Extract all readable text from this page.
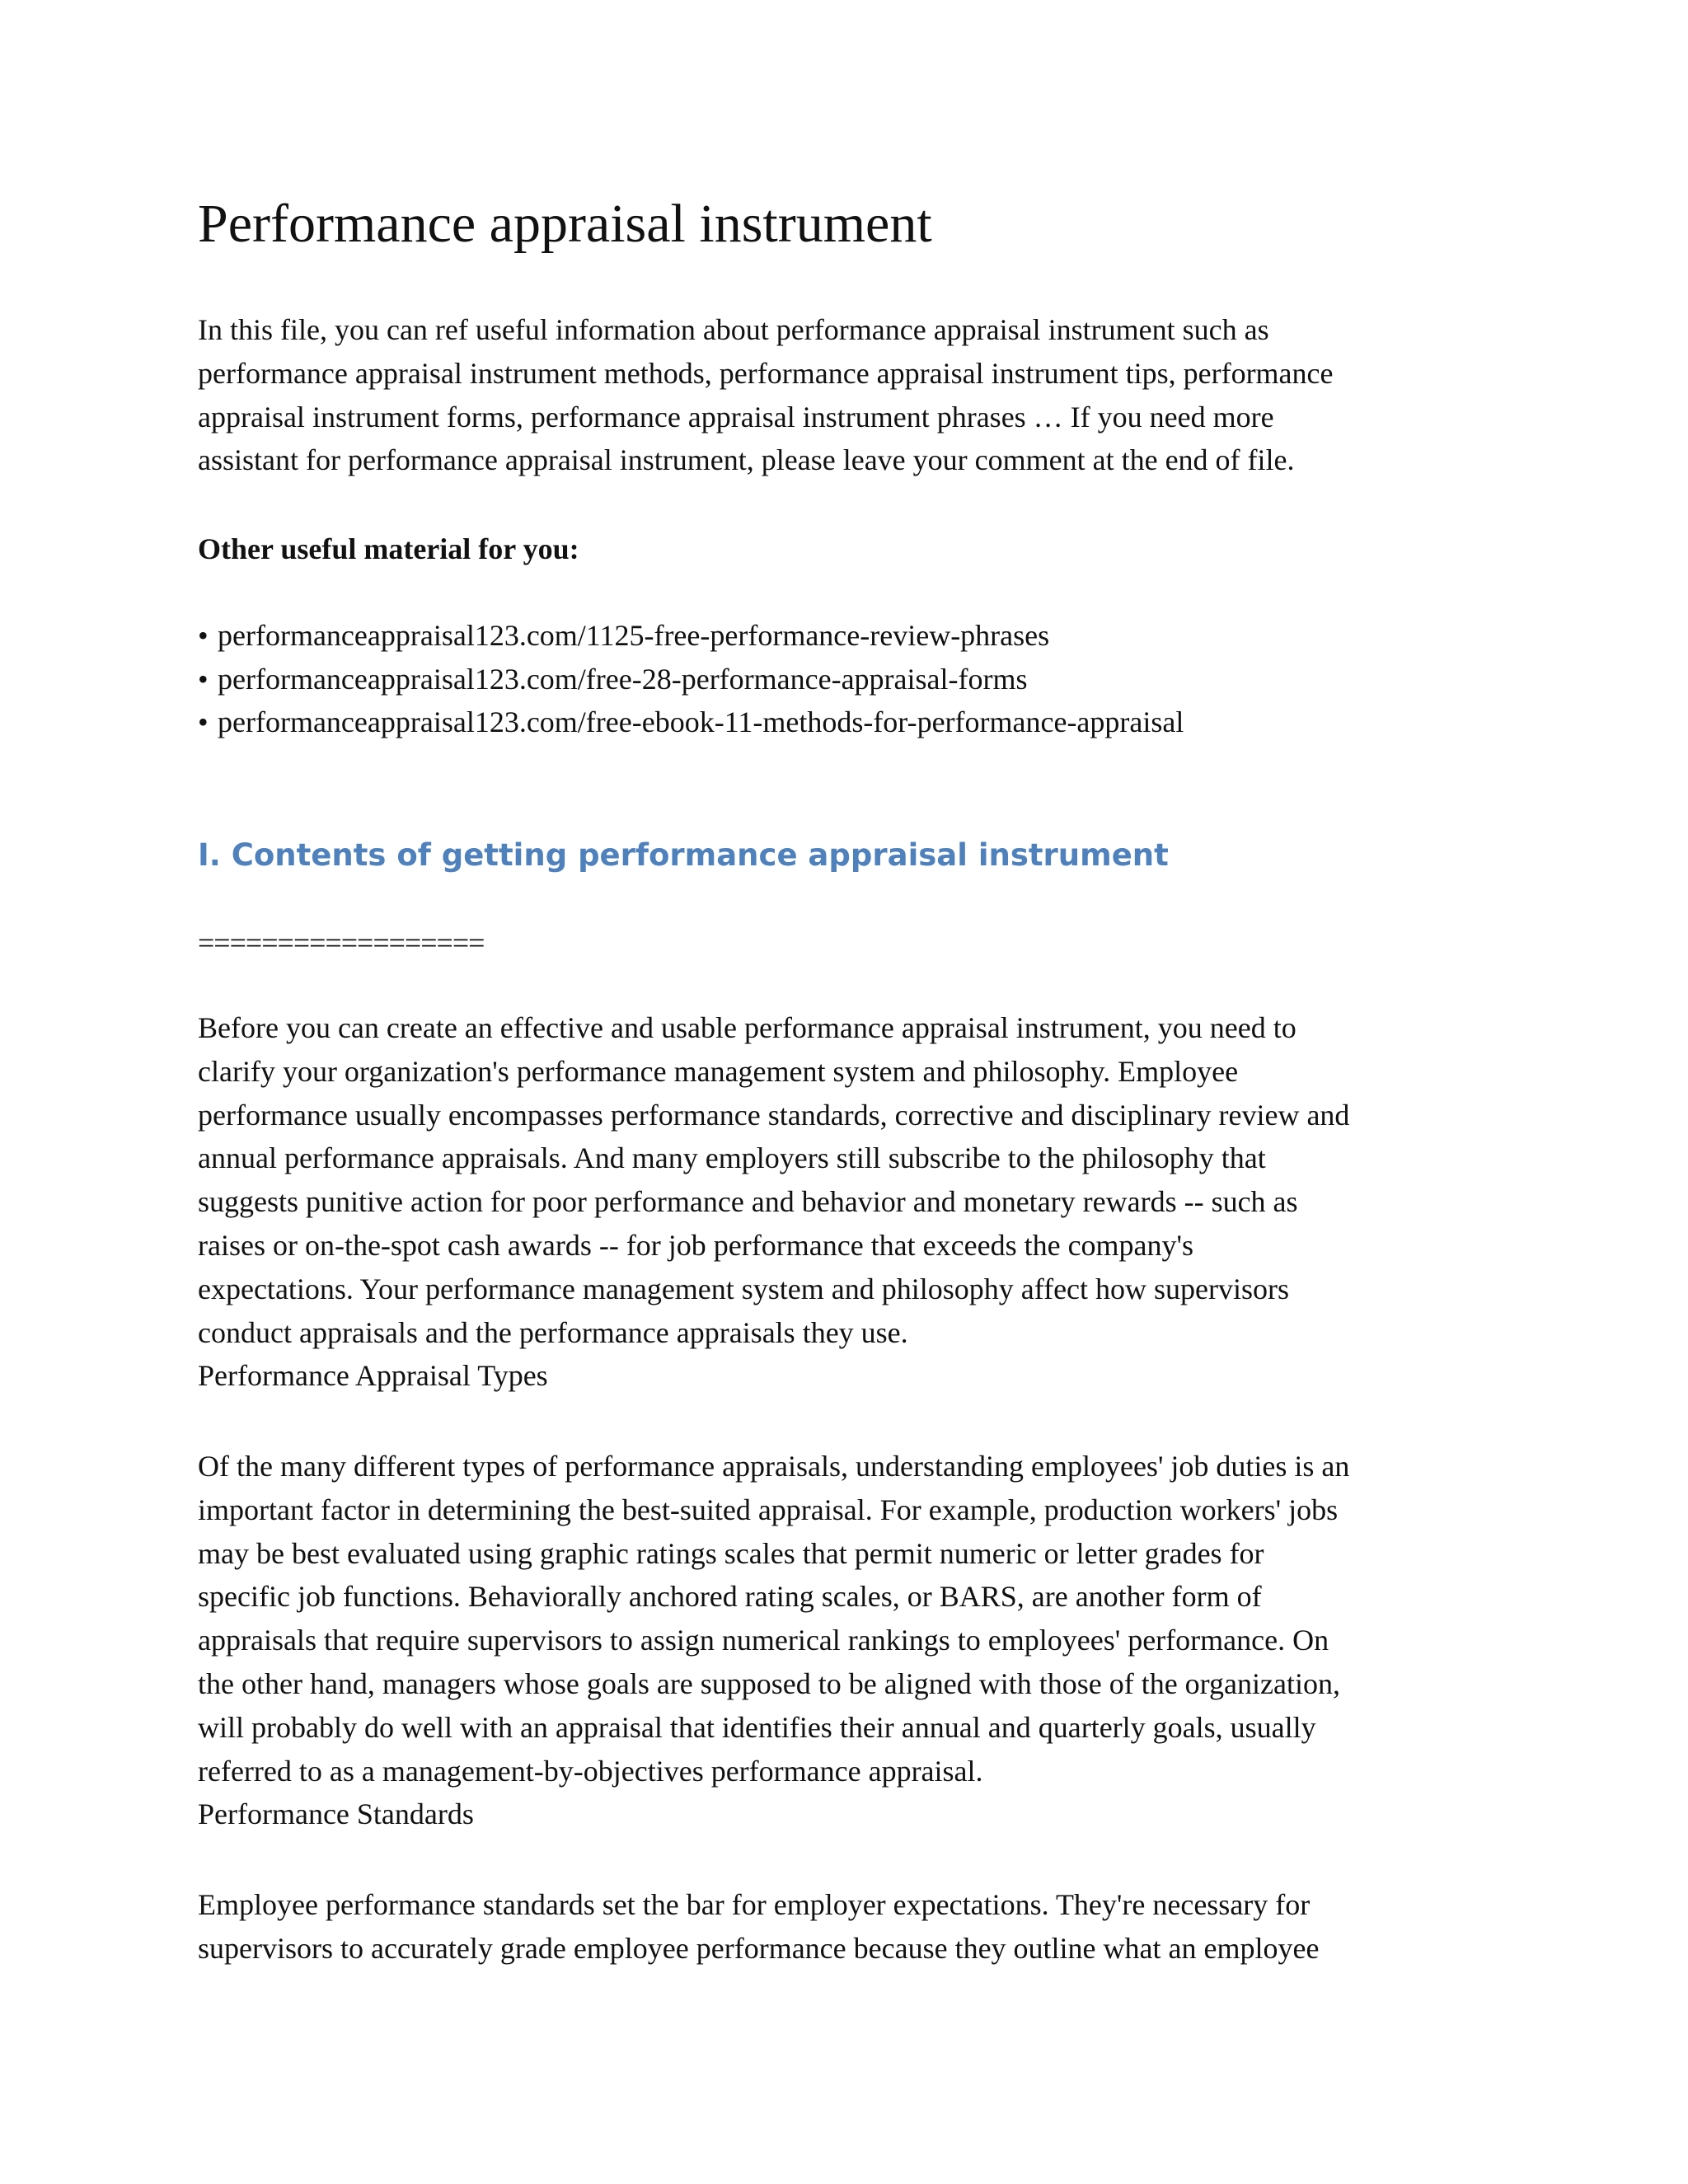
Performance appraisal instrument

In this file, you can ref useful information about performance appraisal instrument such as
performance appraisal instrument methods, performance appraisal instrument tips, performance
appraisal instrument forms, performance appraisal instrument phrases … If you need more
assistant for performance appraisal instrument, please leave your comment at the end of file.

Other useful material for you:

• performanceappraisal123.com/1125-free-performance-review-phrases
• performanceappraisal123.com/free-28-performance-appraisal-forms
• performanceappraisal123.com/free-ebook-11-methods-for-performance-appraisal
I. Contents of getting performance appraisal instrument

==================

Before you can create an effective and usable performance appraisal instrument, you need to
clarify your organization's performance management system and philosophy. Employee
performance usually encompasses performance standards, corrective and disciplinary review and
annual performance appraisals. And many employers still subscribe to the philosophy that
suggests punitive action for poor performance and behavior and monetary rewards -- such as
raises or on-the-spot cash awards -- for job performance that exceeds the company's
expectations. Your performance management system and philosophy affect how supervisors
conduct appraisals and the performance appraisals they use.
Performance Appraisal Types

Of the many different types of performance appraisals, understanding employees' job duties is an
important factor in determining the best-suited appraisal. For example, production workers' jobs
may be best evaluated using graphic ratings scales that permit numeric or letter grades for
specific job functions. Behaviorally anchored rating scales, or BARS, are another form of
appraisals that require supervisors to assign numerical rankings to employees' performance. On
the other hand, managers whose goals are supposed to be aligned with those of the organization,
will probably do well with an appraisal that identifies their annual and quarterly goals, usually
referred to as a management-by-objectives performance appraisal.
Performance Standards

Employee performance standards set the bar for employer expectations. They're necessary for
supervisors to accurately grade employee performance because they outline what an employee
